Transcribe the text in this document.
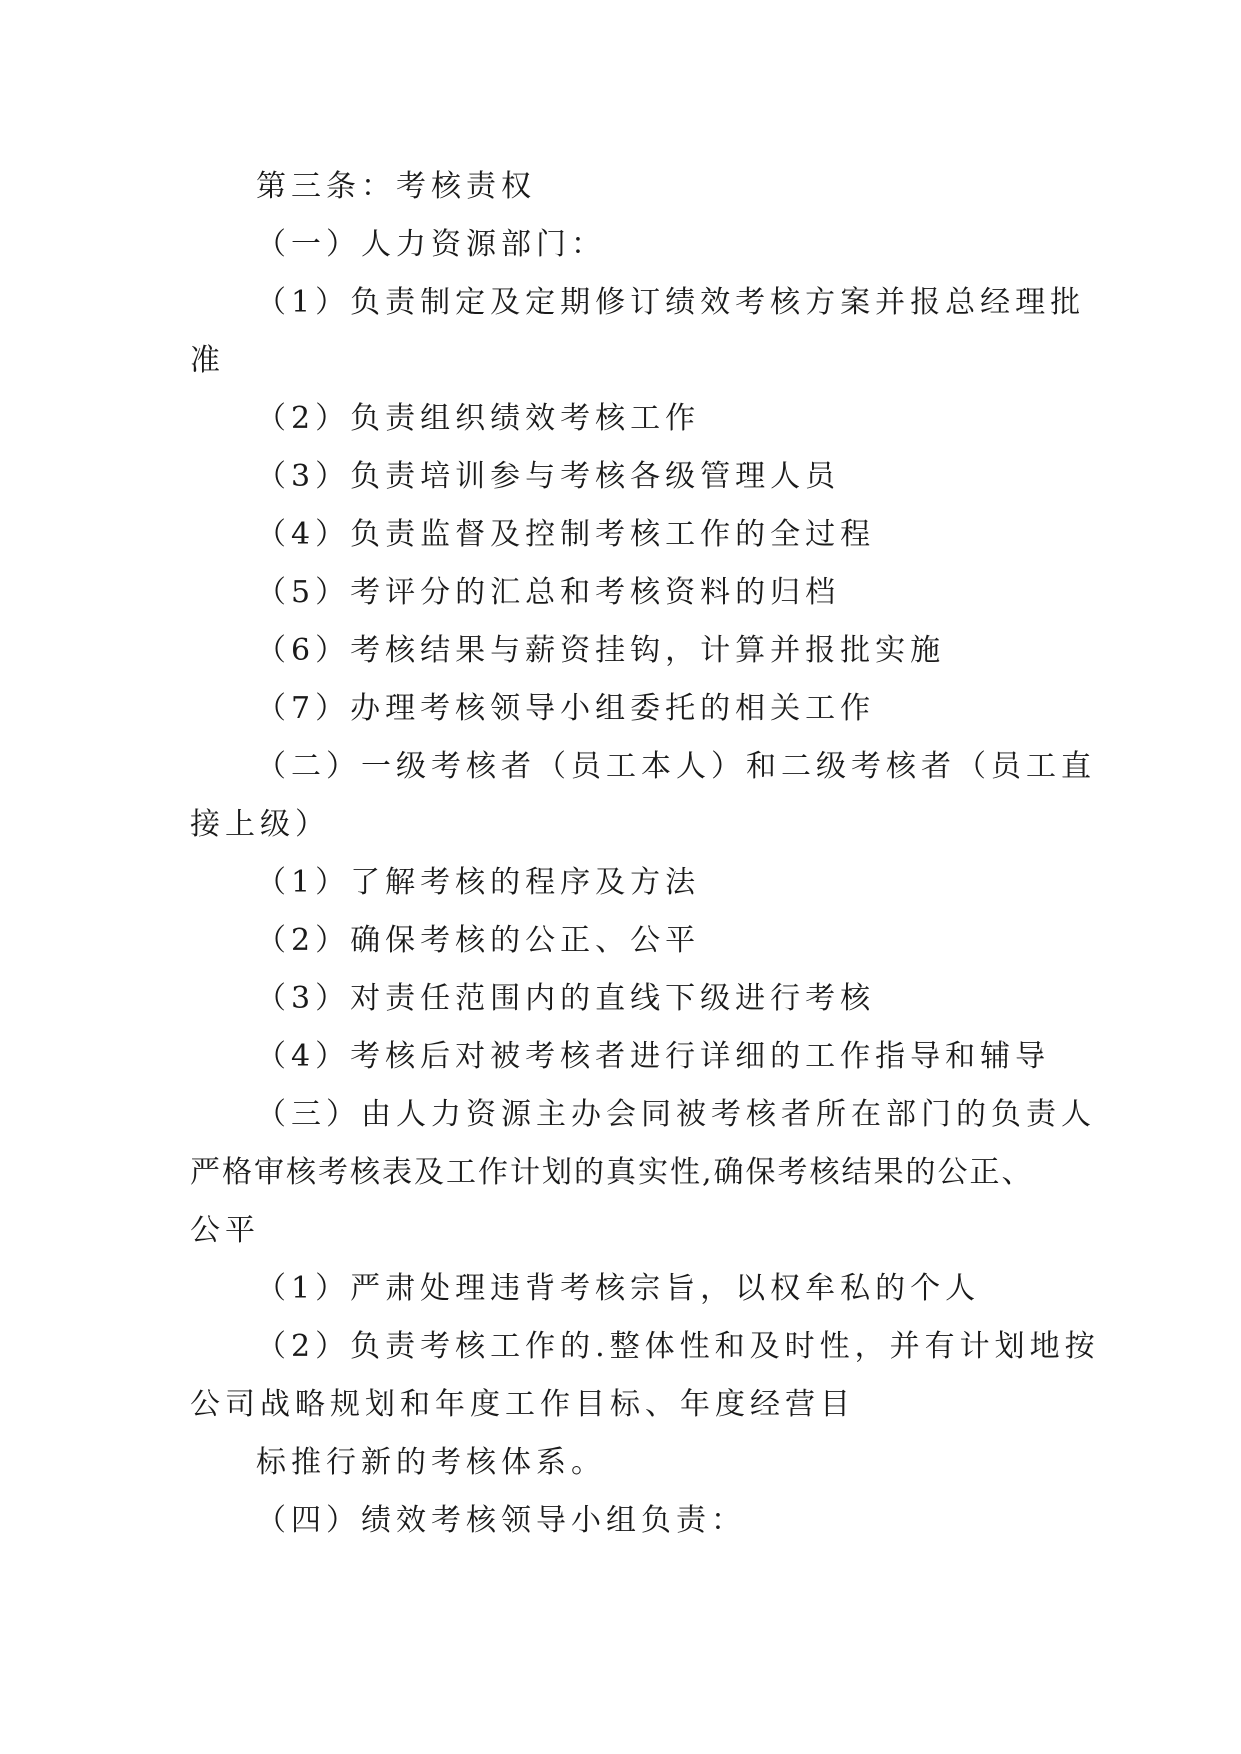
第三条：考核责权
（一）人力资源部门：
（1）负责制定及定期修订绩效考核方案并报总经理批
准
（2）负责组织绩效考核工作
（3）负责培训参与考核各级管理人员
（4）负责监督及控制考核工作的全过程
（5）考评分的汇总和考核资料的归档
（6）考核结果与薪资挂钩，计算并报批实施
（7）办理考核领导小组委托的相关工作
（二）一级考核者（员工本人）和二级考核者（员工直
接上级）
（1）了解考核的程序及方法
（2）确保考核的公正、公平
（3）对责任范围内的直线下级进行考核
（4）考核后对被考核者进行详细的工作指导和辅导
（三）由人力资源主办会同被考核者所在部门的负责人
严格审核考核表及工作计划的真实性,确保考核结果的公正、
公平
（1）严肃处理违背考核宗旨，以权牟私的个人
（2）负责考核工作的.整体性和及时性，并有计划地按
公司战略规划和年度工作目标、年度经营目
标推行新的考核体系。
（四）绩效考核领导小组负责：
